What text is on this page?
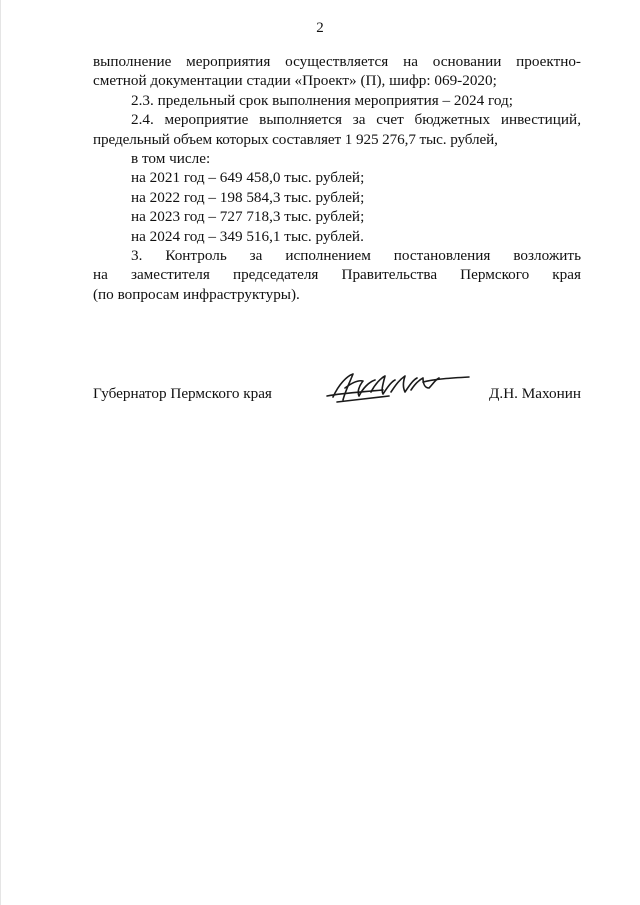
2

выполнение мероприятия осуществляется на основании проектно-

сметной документации стадии «Проект» (П), шифр: 069-2020;

2.3. предельный срок выполнения мероприятия – 2024 год;

2.4. мероприятие выполняется за счет бюджетных инвестиций,

предельный объем которых составляет 1 925 276,7 тыс. рублей,

в том числе:

на 2021 год – 649 458,0 тыс. рублей;

на 2022 год – 198 584,3 тыс. рублей;

на 2023 год – 727 718,3 тыс. рублей;

на 2024 год – 349 516,1 тыс. рублей.

3. Контроль за исполнением постановления возложить

на заместителя председателя Правительства Пермского края

(по вопросам инфраструктуры).

Губернатор Пермского края	Д.Н. Махонин
